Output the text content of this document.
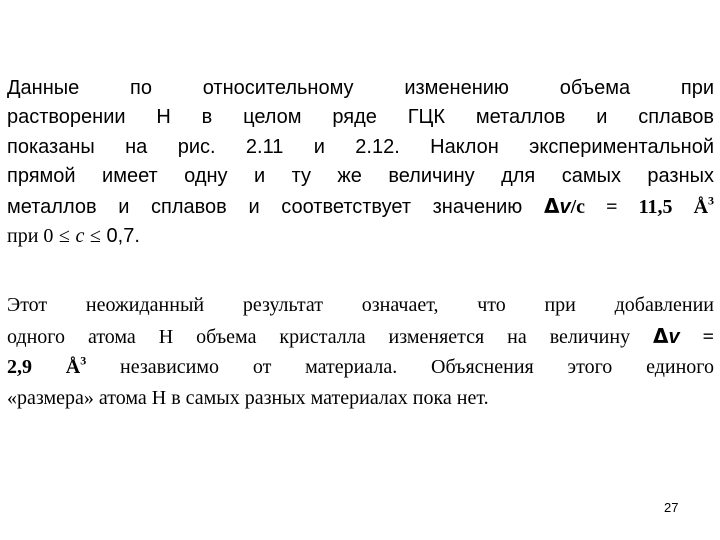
Данные по относительному изменению объема при
растворении Н в целом ряде ГЦК металлов и сплавов
показаны на рис. 2.11 и 2.12. Наклон экспериментальной
прямой имеет одну и ту же величину для самых разных
металлов и сплавов и соответствует значению Δv/c = 11,5 $Å^3$
при 0 ≤ c ≤ 0,7.
Этот неожиданный результат означает, что при добавлении
одного атома Н объема кристалла изменяется на величину Δv =
2,9 $Å^3$ независимо от материала. Объяснения этого единого
«размера» атома Н в самых разных материалах пока нет.
27
